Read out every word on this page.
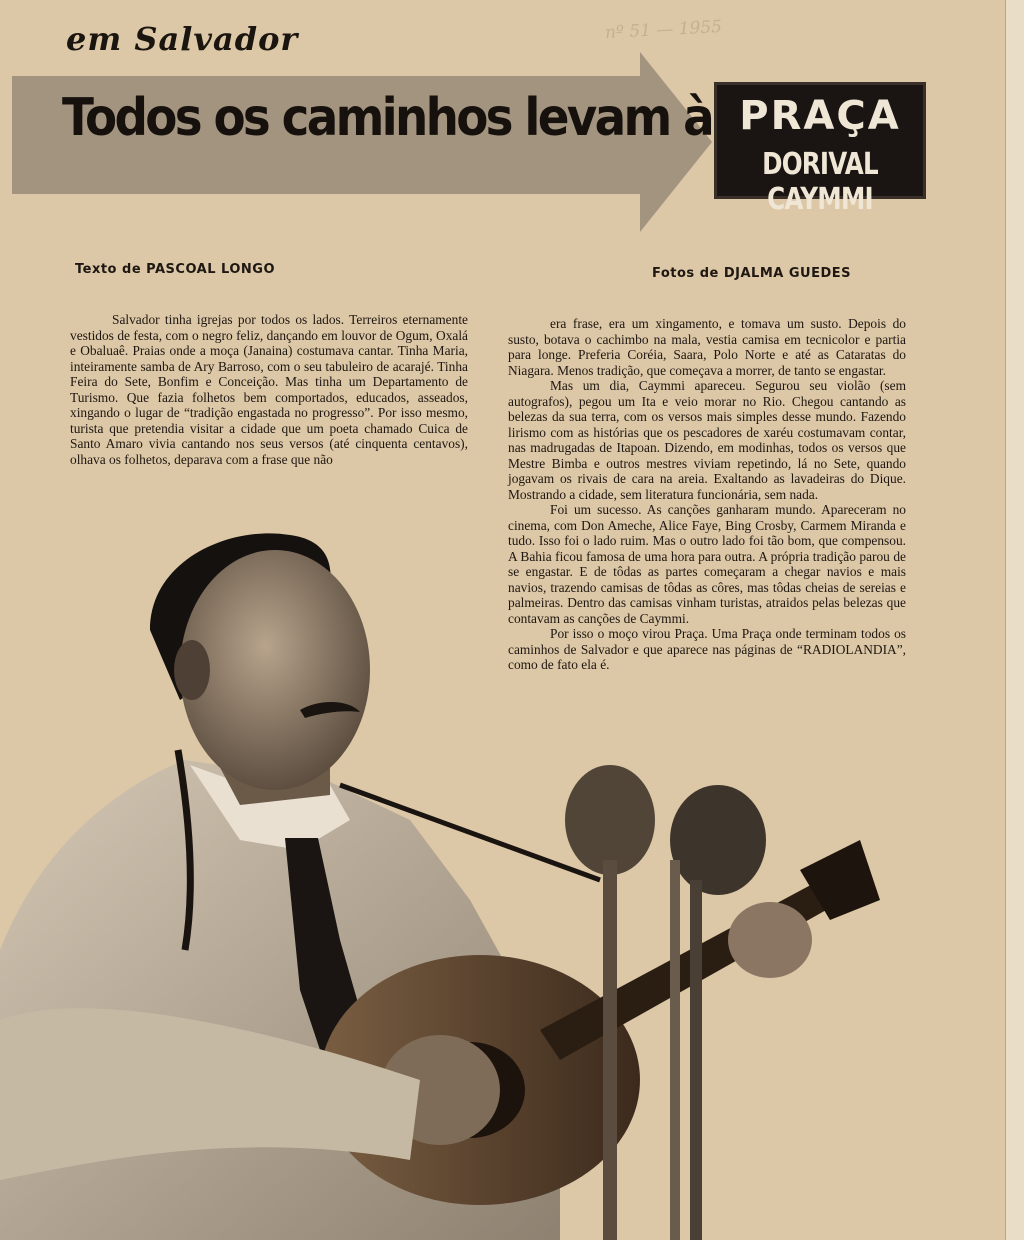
nº 51 — 1955
em Salvador
Todos os caminhos levam à PRAÇA
DORIVAL CAYMMI
Texto de PASCOAL LONGO	Fotos de DJALMA GUEDES

Salvador tinha igrejas por todos os lados. Terreiros eternamente vestidos de festa, com o negro feliz, dançando em louvor de Ogum, Oxalá e Obaluaê. Praias onde a moça (Janaina) costumava cantar. Tinha Maria, inteiramente samba de Ary Barroso, com o seu tabuleiro de acarajé. Tinha Feira do Sete, Bonfim e Conceição. Mas tinha um Departamento de Turismo. Que fazia folhetos bem comportados, educados, asseados, xingando o lugar de “tradição engastada no progresso”. Por isso mesmo, turista que pretendia visitar a cidade que um poeta chamado Cuica de Santo Amaro vivia cantando nos seus versos (até cinquenta centavos), olhava os folhetos, deparava com a frase que não

era frase, era um xingamento, e tomava um susto. Depois do susto, botava o cachimbo na mala, vestia camisa em tecnicolor e partia para longe. Preferia Coréia, Saara, Polo Norte e até as Cataratas do Niagara. Menos tradição, que começava a morrer, de tanto se engastar.

Mas um dia, Caymmi apareceu. Segurou seu violão (sem autografos), pegou um Ita e veio morar no Rio. Chegou cantando as belezas da sua terra, com os versos mais simples desse mundo. Fazendo lirismo com as histórias que os pescadores de xaréu costumavam contar, nas madrugadas de Itapoan. Dizendo, em modinhas, todos os versos que Mestre Bimba e outros mestres viviam repetindo, lá no Sete, quando jogavam os rivais de cara na areia. Exaltando as lavadeiras do Dique. Mostrando a cidade, sem literatura funcionária, sem nada.

Foi um sucesso. As canções ganharam mundo. Apareceram no cinema, com Don Ameche, Alice Faye, Bing Crosby, Carmem Miranda e tudo. Isso foi o lado ruim. Mas o outro lado foi tão bom, que compensou. A Bahia ficou famosa de uma hora para outra. A própria tradição parou de se engastar. E de tôdas as partes começaram a chegar navios e mais navios, trazendo camisas de tôdas as côres, mas tôdas cheias de sereias e palmeiras. Dentro das camisas vinham turistas, atraidos pelas belezas que contavam as canções de Caymmi.

Por isso o moço virou Praça. Uma Praça onde terminam todos os caminhos de Salvador e que aparece nas páginas de “RADIOLANDIA”, como de fato ela é.
